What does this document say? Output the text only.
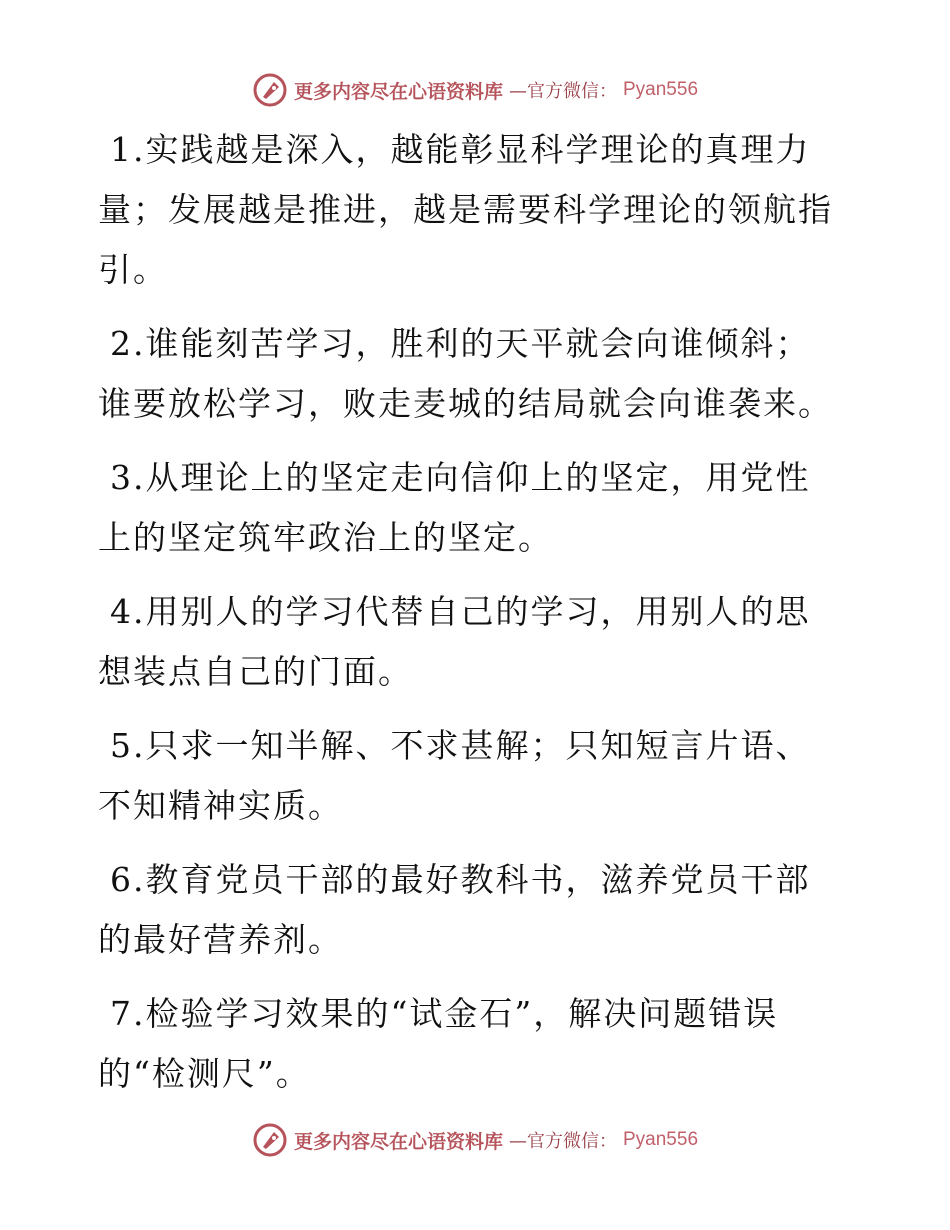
更多内容尽在心语资料库 —官方微信： Pyan556

1.实践越是深入，越能彰显科学理论的真理力量；发展越是推进，越是需要科学理论的领航指引。

2.谁能刻苦学习，胜利的天平就会向谁倾斜；谁要放松学习，败走麦城的结局就会向谁袭来。

3.从理论上的坚定走向信仰上的坚定，用党性上的坚定筑牢政治上的坚定。

4.用别人的学习代替自己的学习，用别人的思想装点自己的门面。

5.只求一知半解、不求甚解；只知短言片语、不知精神实质。

6.教育党员干部的最好教科书，滋养党员干部的最好营养剂。

7.检验学习效果的“试金石”，解决问题错误的“检测尺”。

更多内容尽在心语资料库 —官方微信： Pyan556
